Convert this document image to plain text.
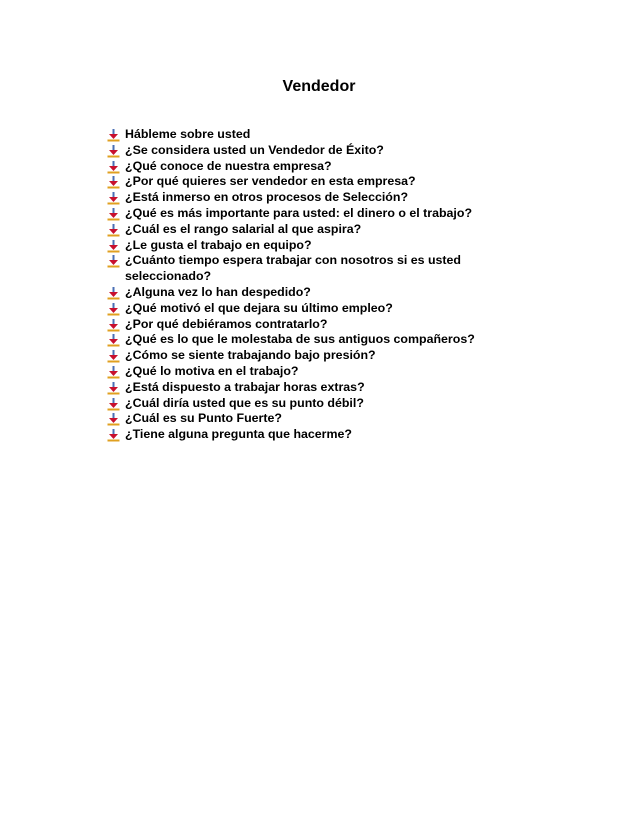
Vendedor
Hábleme sobre usted
¿Se considera usted un Vendedor de Éxito?
¿Qué conoce de nuestra empresa?
¿Por qué quieres ser vendedor en esta empresa?
¿Está inmerso en otros procesos de Selección?
¿Qué es más importante para usted: el dinero o el trabajo?
¿Cuál es el rango salarial al que aspira?
¿Le gusta el trabajo en equipo?
¿Cuánto tiempo espera trabajar con nosotros si es usted seleccionado?
¿Alguna vez lo han despedido?
¿Qué motivó el que dejara su último empleo?
¿Por qué debiéramos contratarlo?
¿Qué es lo que le molestaba de sus antiguos compañeros?
¿Cómo se siente trabajando bajo presión?
¿Qué lo motiva en el trabajo?
¿Está dispuesto a trabajar horas extras?
¿Cuál diría usted que es su punto débil?
¿Cuál es su Punto Fuerte?
¿Tiene alguna pregunta que hacerme?
